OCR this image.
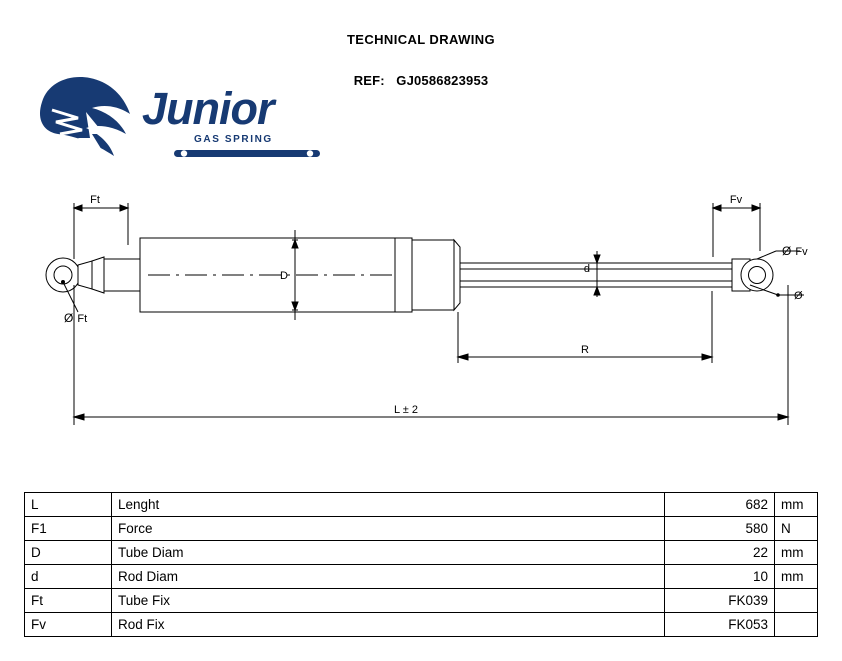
TECHNICAL DRAWING
REF: GJ0586823953
Junior
GAS SPRING
Ft
Ø Ft
D
d
Fv
Ø Fv
Ø
R
L ± 2
L	Lenght	682	mm
F1	Force	580	N
D	Tube Diam	22	mm
d	Rod Diam	10	mm
Ft	Tube Fix	FK039	
Fv	Rod Fix	FK053	
